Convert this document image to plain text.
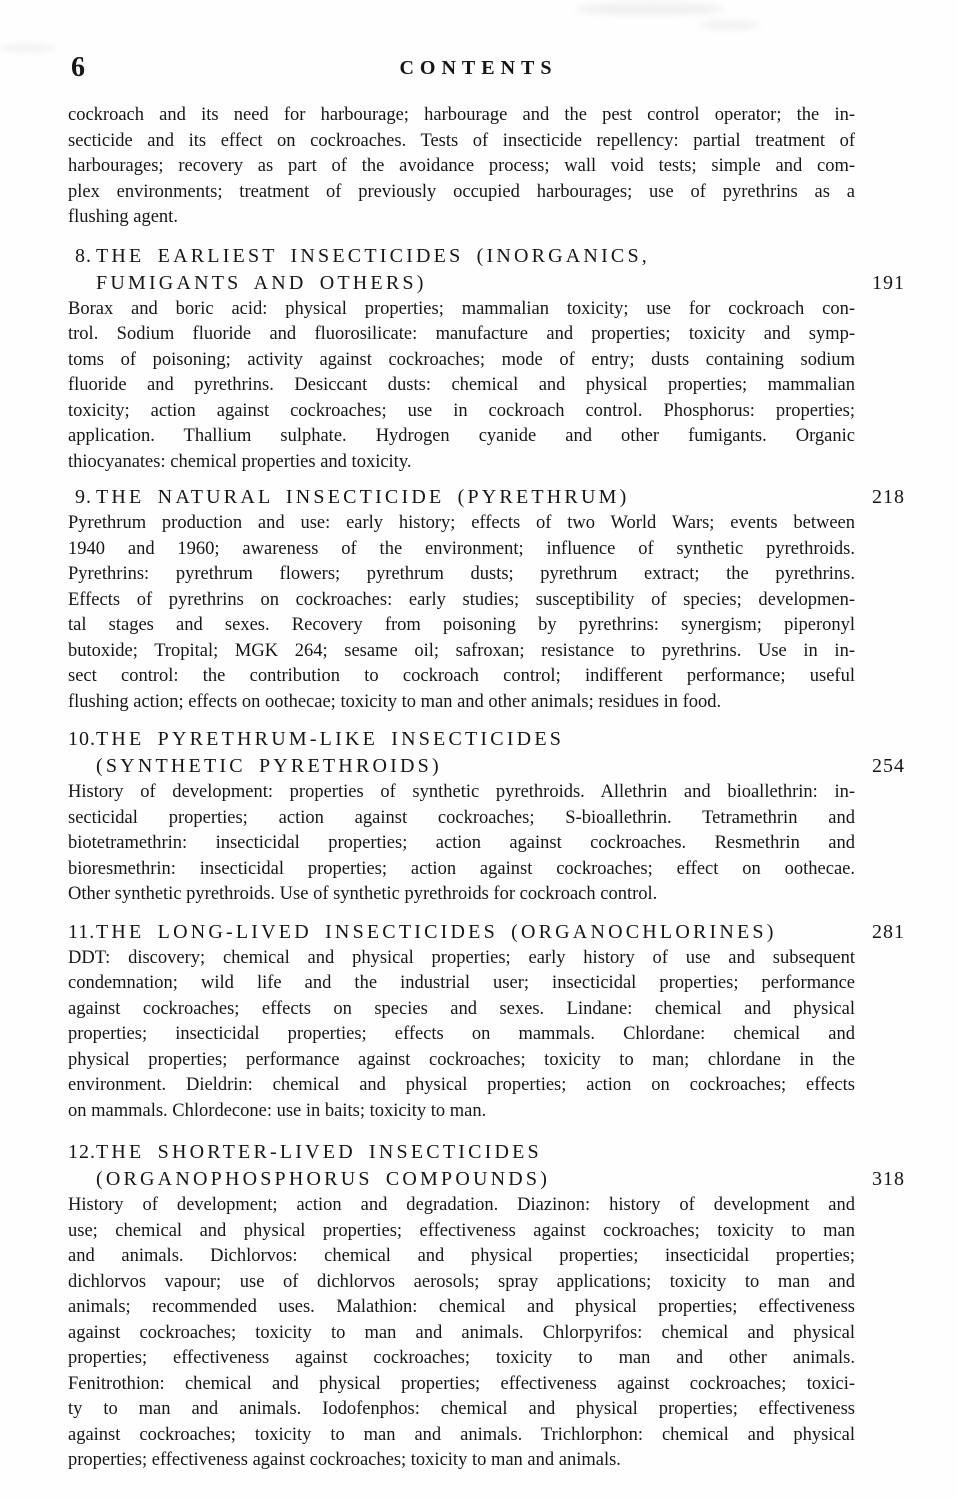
6	CONTENTS
cockroach and its need for harbourage; harbourage and the pest control operator; the in-
secticide and its effect on cockroaches. Tests of insecticide repellency: partial treatment of
harbourages; recovery as part of the avoidance process; wall void tests; simple and com-
plex environments; treatment of previously occupied harbourages; use of pyrethrins as a
flushing agent.
8. THE EARLIEST INSECTICIDES (INORGANICS,
FUMIGANTS AND OTHERS)	191
Borax and boric acid: physical properties; mammalian toxicity; use for cockroach con-
trol. Sodium fluoride and fluorosilicate: manufacture and properties; toxicity and symp-
toms of poisoning; activity against cockroaches; mode of entry; dusts containing sodium
fluoride and pyrethrins. Desiccant dusts: chemical and physical properties; mammalian
toxicity; action against cockroaches; use in cockroach control. Phosphorus: properties;
application. Thallium sulphate. Hydrogen cyanide and other fumigants. Organic
thiocyanates: chemical properties and toxicity.
9. THE NATURAL INSECTICIDE (PYRETHRUM)	218
Pyrethrum production and use: early history; effects of two World Wars; events between
1940 and 1960; awareness of the environment; influence of synthetic pyrethroids.
Pyrethrins: pyrethrum flowers; pyrethrum dusts; pyrethrum extract; the pyrethrins.
Effects of pyrethrins on cockroaches: early studies; susceptibility of species; developmen-
tal stages and sexes. Recovery from poisoning by pyrethrins: synergism; piperonyl
butoxide; Tropital; MGK 264; sesame oil; safroxan; resistance to pyrethrins. Use in in-
sect control: the contribution to cockroach control; indifferent performance; useful
flushing action; effects on oothecae; toxicity to man and other animals; residues in food.
10. THE PYRETHRUM-LIKE INSECTICIDES
(SYNTHETIC PYRETHROIDS)	254
History of development: properties of synthetic pyrethroids. Allethrin and bioallethrin: in-
secticidal properties; action against cockroaches; S-bioallethrin. Tetramethrin and
biotetramethrin: insecticidal properties; action against cockroaches. Resmethrin and
bioresmethrin: insecticidal properties; action against cockroaches; effect on oothecae.
Other synthetic pyrethroids. Use of synthetic pyrethroids for cockroach control.
11. THE LONG-LIVED INSECTICIDES (ORGANOCHLORINES)	281
DDT: discovery; chemical and physical properties; early history of use and subsequent
condemnation; wild life and the industrial user; insecticidal properties; performance
against cockroaches; effects on species and sexes. Lindane: chemical and physical
properties; insecticidal properties; effects on mammals. Chlordane: chemical and
physical properties; performance against cockroaches; toxicity to man; chlordane in the
environment. Dieldrin: chemical and physical properties; action on cockroaches; effects
on mammals. Chlordecone: use in baits; toxicity to man.
12. THE SHORTER-LIVED INSECTICIDES
(ORGANOPHOSPHORUS COMPOUNDS)	318
History of development; action and degradation. Diazinon: history of development and
use; chemical and physical properties; effectiveness against cockroaches; toxicity to man
and animals. Dichlorvos: chemical and physical properties; insecticidal properties;
dichlorvos vapour; use of dichlorvos aerosols; spray applications; toxicity to man and
animals; recommended uses. Malathion: chemical and physical properties; effectiveness
against cockroaches; toxicity to man and animals. Chlorpyrifos: chemical and physical
properties; effectiveness against cockroaches; toxicity to man and other animals.
Fenitrothion: chemical and physical properties; effectiveness against cockroaches; toxici-
ty to man and animals. Iodofenphos: chemical and physical properties; effectiveness
against cockroaches; toxicity to man and animals. Trichlorphon: chemical and physical
properties; effectiveness against cockroaches; toxicity to man and animals.
